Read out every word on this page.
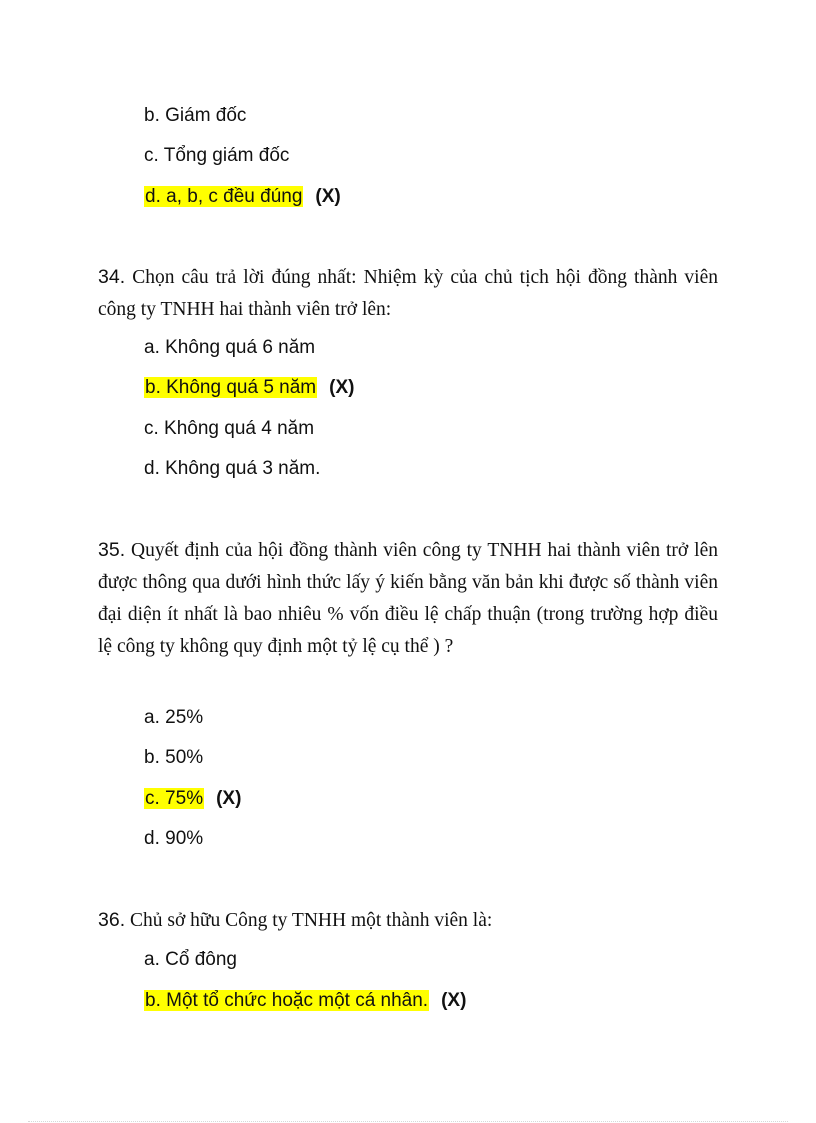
b. Giám đốc
c. Tổng giám đốc
d. a, b, c đều đúng (X)
34. Chọn câu trả lời đúng nhất: Nhiệm kỳ của chủ tịch hội đồng thành viên công ty TNHH hai thành viên trở lên:
a. Không quá 6 năm
b. Không quá 5 năm (X)
c. Không quá 4 năm
d. Không quá 3 năm.
35. Quyết định của hội đồng thành viên công ty TNHH hai thành viên trở lên được thông qua dưới hình thức lấy ý kiến bằng văn bản khi được số thành viên đại diện ít nhất là bao nhiêu % vốn điều lệ chấp thuận (trong trường hợp điều lệ công ty không quy định một tỷ lệ cụ thể ) ?
a. 25%
b. 50%
c. 75% (X)
d. 90%
36. Chủ sở hữu Công ty TNHH một thành viên là:
a. Cổ đông
b. Một tổ chức hoặc một cá nhân. (X)
